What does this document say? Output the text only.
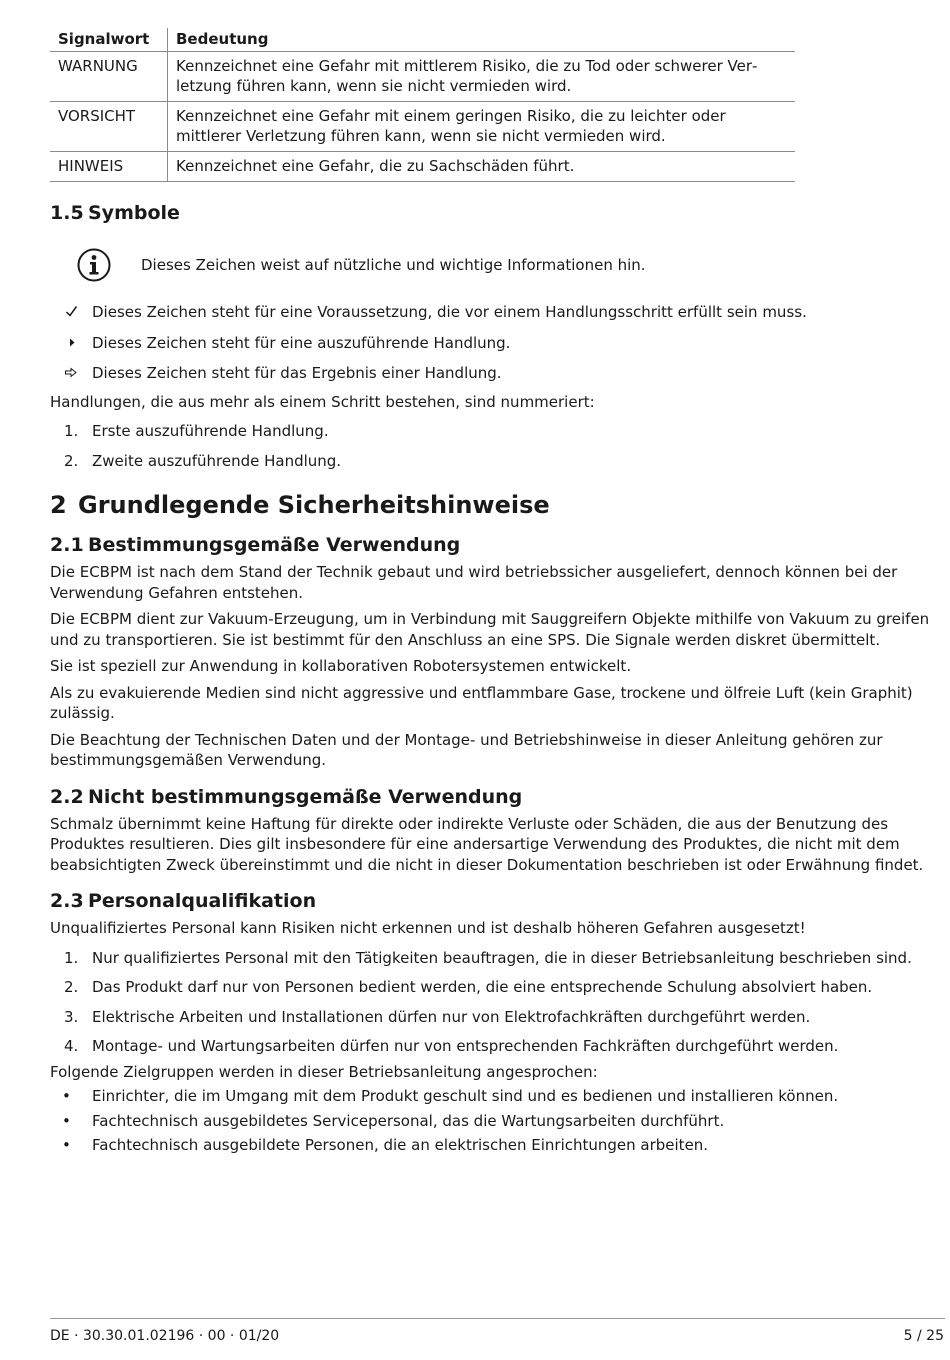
Signalwort	Bedeutung
WARNUNG	Kennzeichnet eine Gefahr mit mittlerem Risiko, die zu Tod oder schwerer Verletzung führen kann, wenn sie nicht vermieden wird.
VORSICHT	Kennzeichnet eine Gefahr mit einem geringen Risiko, die zu leichter oder mittlerer Verletzung führen kann, wenn sie nicht vermieden wird.
HINWEIS	Kennzeichnet eine Gefahr, die zu Sachschäden führt.
1.5 Symbole
Dieses Zeichen weist auf nützliche und wichtige Informationen hin.
Dieses Zeichen steht für eine Voraussetzung, die vor einem Handlungsschritt erfüllt sein muss.
Dieses Zeichen steht für eine auszuführende Handlung.
Dieses Zeichen steht für das Ergebnis einer Handlung.

Handlungen, die aus mehr als einem Schritt bestehen, sind nummeriert:

1. Erste auszuführende Handlung.
2. Zweite auszuführende Handlung.
2 Grundlegende Sicherheitshinweise
2.1 Bestimmungsgemäße Verwendung

Die ECBPM ist nach dem Stand der Technik gebaut und wird betriebssicher ausgeliefert, dennoch können bei der Verwendung Gefahren entstehen.

Die ECBPM dient zur Vakuum-Erzeugung, um in Verbindung mit Sauggreifern Objekte mithilfe von Vakuum zu greifen und zu transportieren. Sie ist bestimmt für den Anschluss an eine SPS. Die Signale werden diskret übermittelt.

Sie ist speziell zur Anwendung in kollaborativen Robotersystemen entwickelt.

Als zu evakuierende Medien sind nicht aggressive und entflammbare Gase, trockene und ölfreie Luft (kein Graphit) zulässig.

Die Beachtung der Technischen Daten und der Montage- und Betriebshinweise in dieser Anleitung gehören zur bestimmungsgemäßen Verwendung.

2.2 Nicht bestimmungsgemäße Verwendung

Schmalz übernimmt keine Haftung für direkte oder indirekte Verluste oder Schäden, die aus der Benutzung des Produktes resultieren. Dies gilt insbesondere für eine andersartige Verwendung des Produktes, die nicht mit dem beabsichtigten Zweck übereinstimmt und die nicht in dieser Dokumentation beschrieben ist oder Erwähnung findet.

2.3 Personalqualifikation

Unqualifiziertes Personal kann Risiken nicht erkennen und ist deshalb höheren Gefahren ausgesetzt!

1. Nur qualifiziertes Personal mit den Tätigkeiten beauftragen, die in dieser Betriebsanleitung beschrieben sind.
2. Das Produkt darf nur von Personen bedient werden, die eine entsprechende Schulung absolviert haben.
3. Elektrische Arbeiten und Installationen dürfen nur von Elektrofachkräften durchgeführt werden.
4. Montage- und Wartungsarbeiten dürfen nur von entsprechenden Fachkräften durchgeführt werden.

Folgende Zielgruppen werden in dieser Betriebsanleitung angesprochen:

•	Einrichter, die im Umgang mit dem Produkt geschult sind und es bedienen und installieren können.
•	Fachtechnisch ausgebildetes Servicepersonal, das die Wartungsarbeiten durchführt.
•	Fachtechnisch ausgebildete Personen, die an elektrischen Einrichtungen arbeiten.
DE · 30.30.01.02196 · 00 · 01/20	5 / 25
